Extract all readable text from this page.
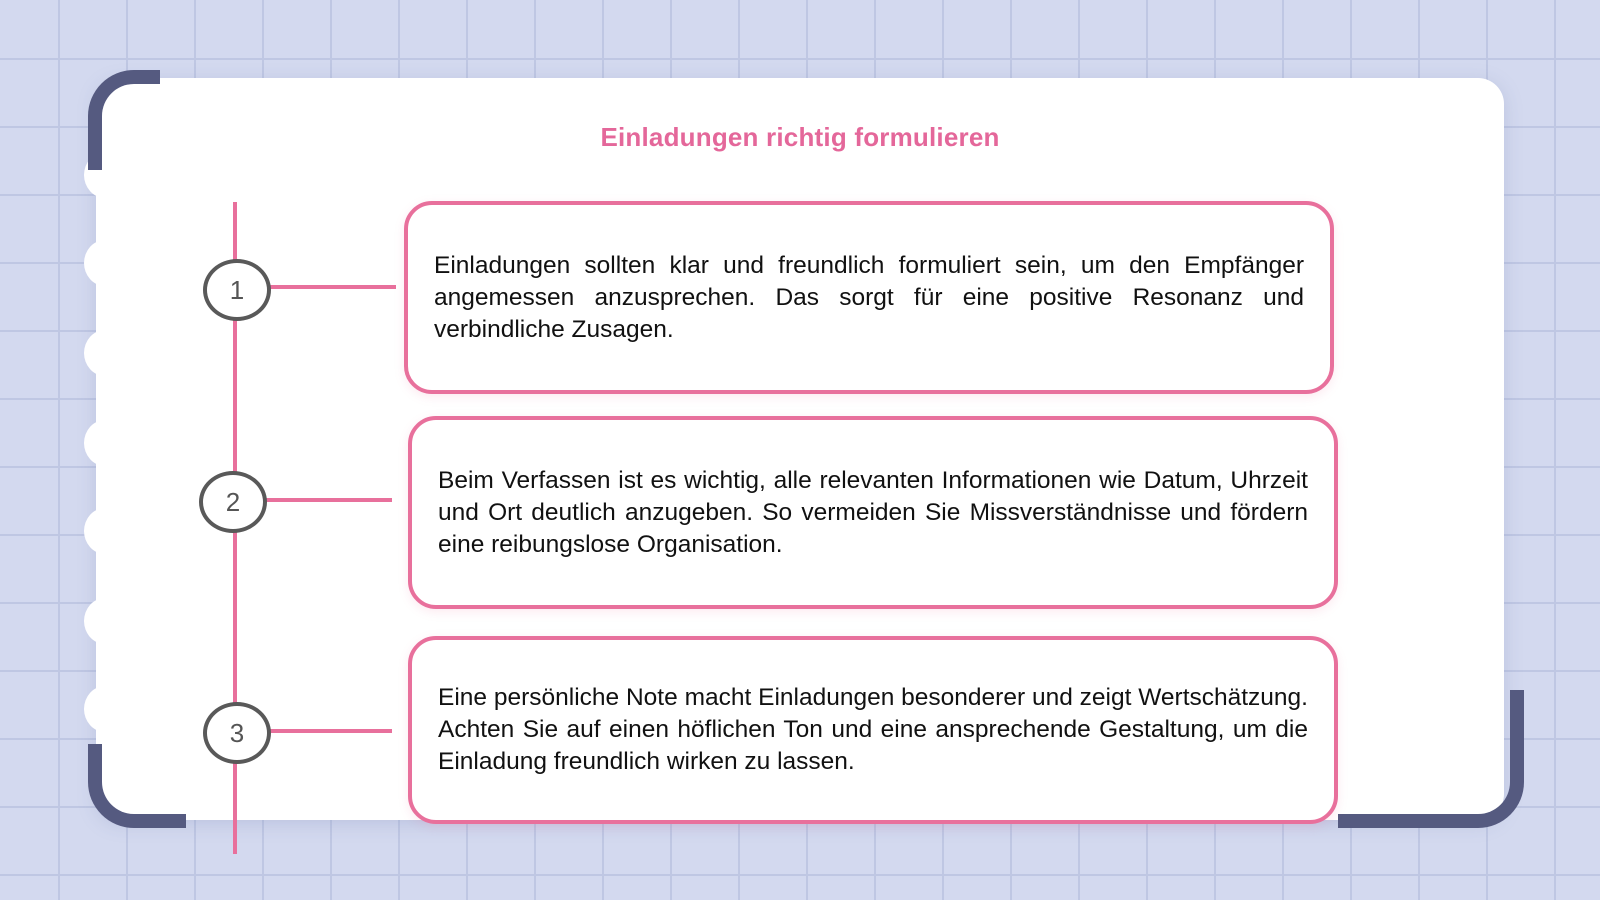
Einladungen richtig formulieren
1
2
3

Einladungen sollten klar und freundlich formuliert sein, um den Empfänger angemessen anzusprechen. Das sorgt für eine positive Resonanz und verbindliche Zusagen.

Beim Verfassen ist es wichtig, alle relevanten Informationen wie Datum, Uhrzeit und Ort deutlich anzugeben. So vermeiden Sie Missverständnisse und fördern eine reibungslose Organisation.

Eine persönliche Note macht Einladungen besonderer und zeigt Wertschätzung. Achten Sie auf einen höflichen Ton und eine ansprechende Gestaltung, um die Einladung freundlich wirken zu lassen.
